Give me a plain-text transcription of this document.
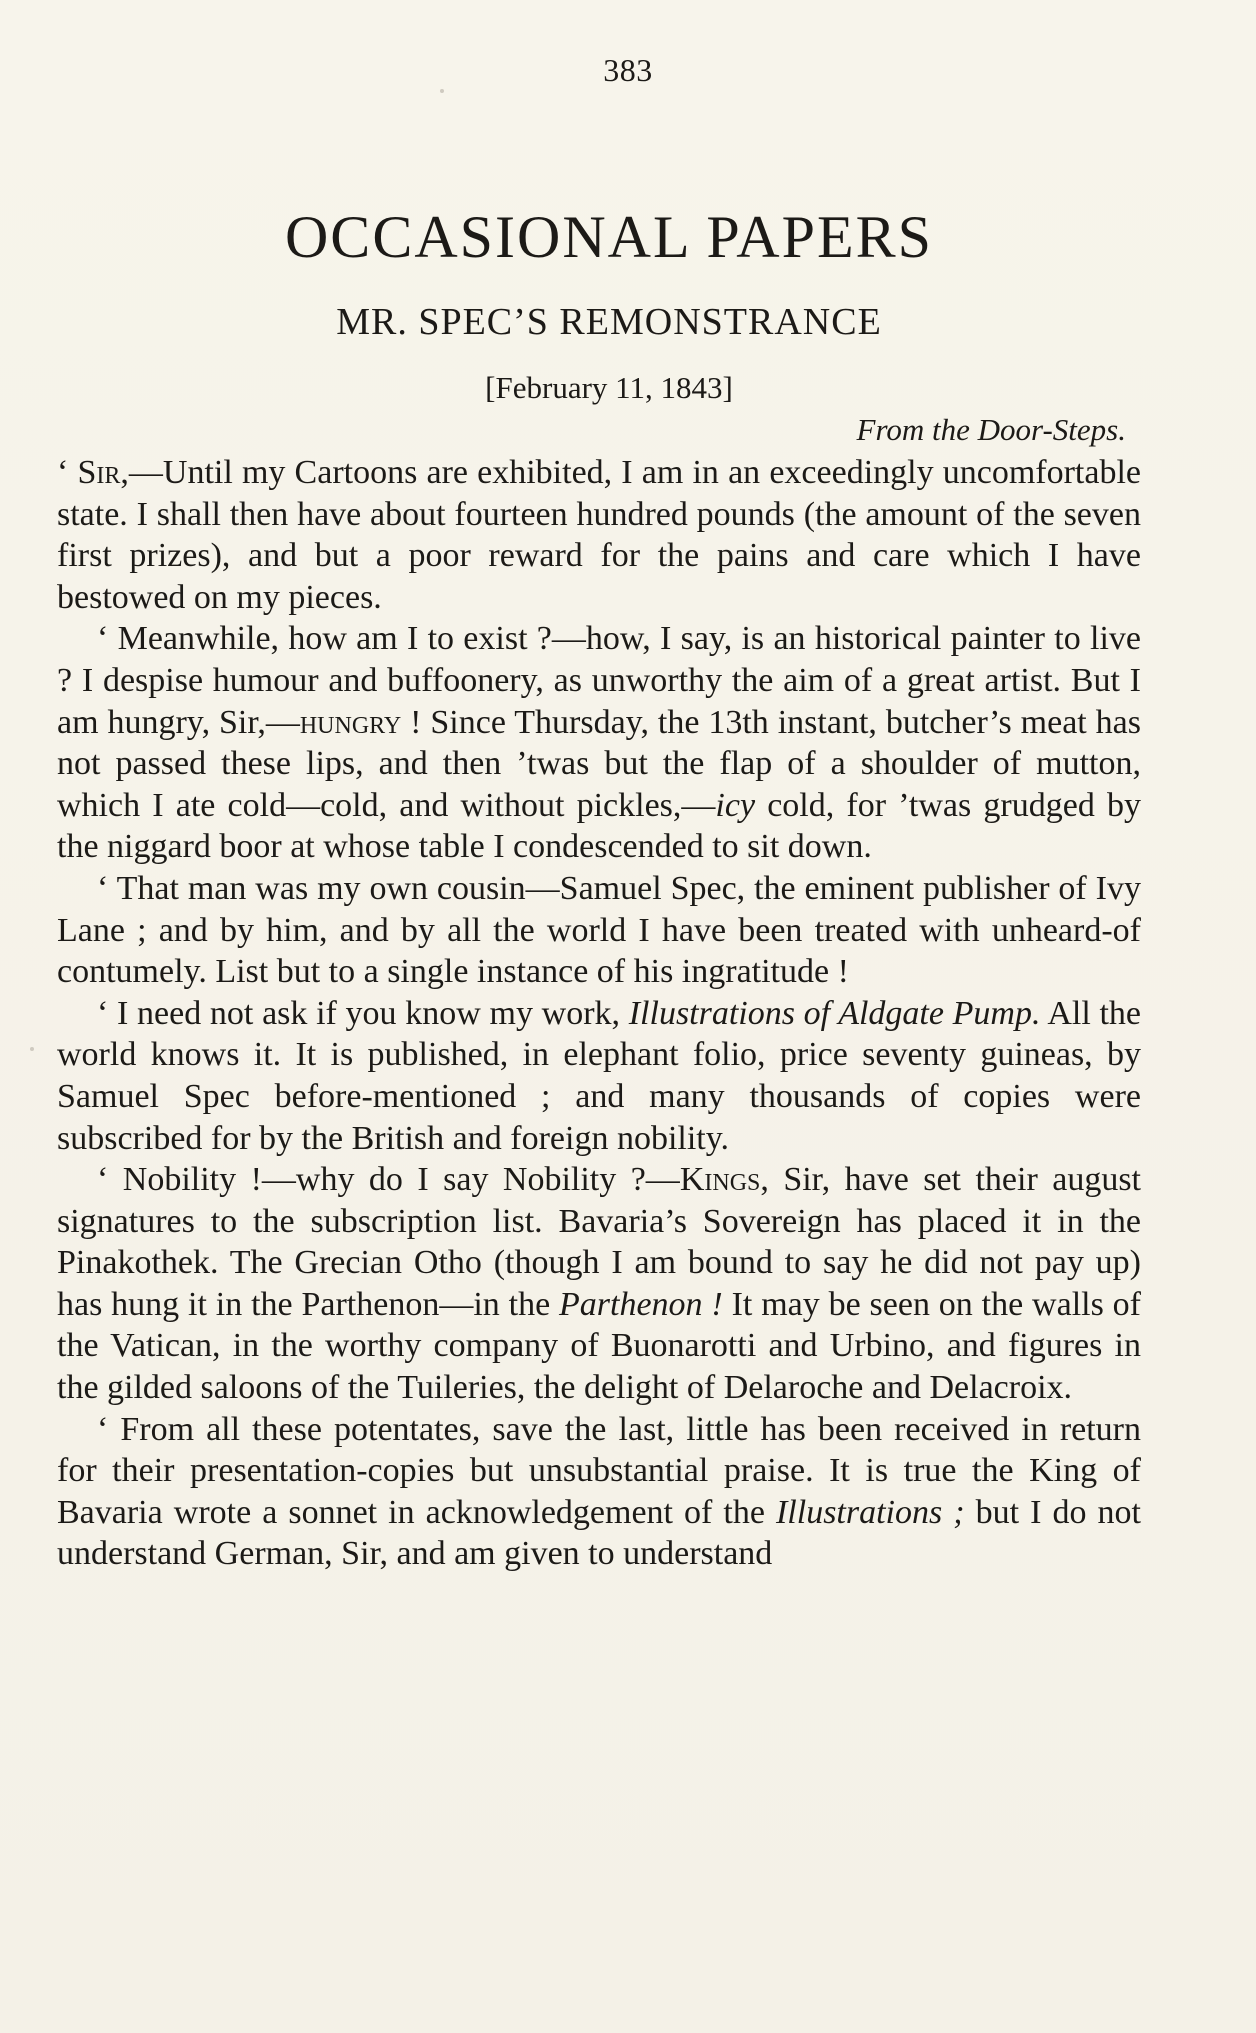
383
OCCASIONAL PAPERS
MR. SPEC’S REMONSTRANCE
[February 11, 1843]
From the Door-Steps.

‘ Sir,—Until my Cartoons are exhibited, I am in an exceedingly uncomfortable state. I shall then have about fourteen hundred pounds (the amount of the seven first prizes), and but a poor reward for the pains and care which I have bestowed on my pieces.

‘ Meanwhile, how am I to exist ?—how, I say, is an historical painter to live ? I despise humour and buffoonery, as unworthy the aim of a great artist. But I am hungry, Sir,—hungry ! Since Thursday, the 13th instant, butcher’s meat has not passed these lips, and then ’twas but the flap of a shoulder of mutton, which I ate cold—cold, and without pickles,—icy cold, for ’twas grudged by the niggard boor at whose table I condescended to sit down.

‘ That man was my own cousin—Samuel Spec, the eminent publisher of Ivy Lane ; and by him, and by all the world I have been treated with unheard-of contumely. List but to a single instance of his ingratitude !

‘ I need not ask if you know my work, Illustrations of Aldgate Pump. All the world knows it. It is published, in elephant folio, price seventy guineas, by Samuel Spec before-mentioned ; and many thousands of copies were subscribed for by the British and foreign nobility.

‘ Nobility !—why do I say Nobility ?—Kings, Sir, have set their august signatures to the subscription list. Bavaria’s Sovereign has placed it in the Pinakothek. The Grecian Otho (though I am bound to say he did not pay up) has hung it in the Parthenon—in the Parthenon ! It may be seen on the walls of the Vatican, in the worthy company of Buonarotti and Urbino, and figures in the gilded saloons of the Tuileries, the delight of Delaroche and Delacroix.

‘ From all these potentates, save the last, little has been received in return for their presentation-copies but unsubstantial praise. It is true the King of Bavaria wrote a sonnet in acknowledgement of the Illustrations ; but I do not understand German, Sir, and am given to understand
